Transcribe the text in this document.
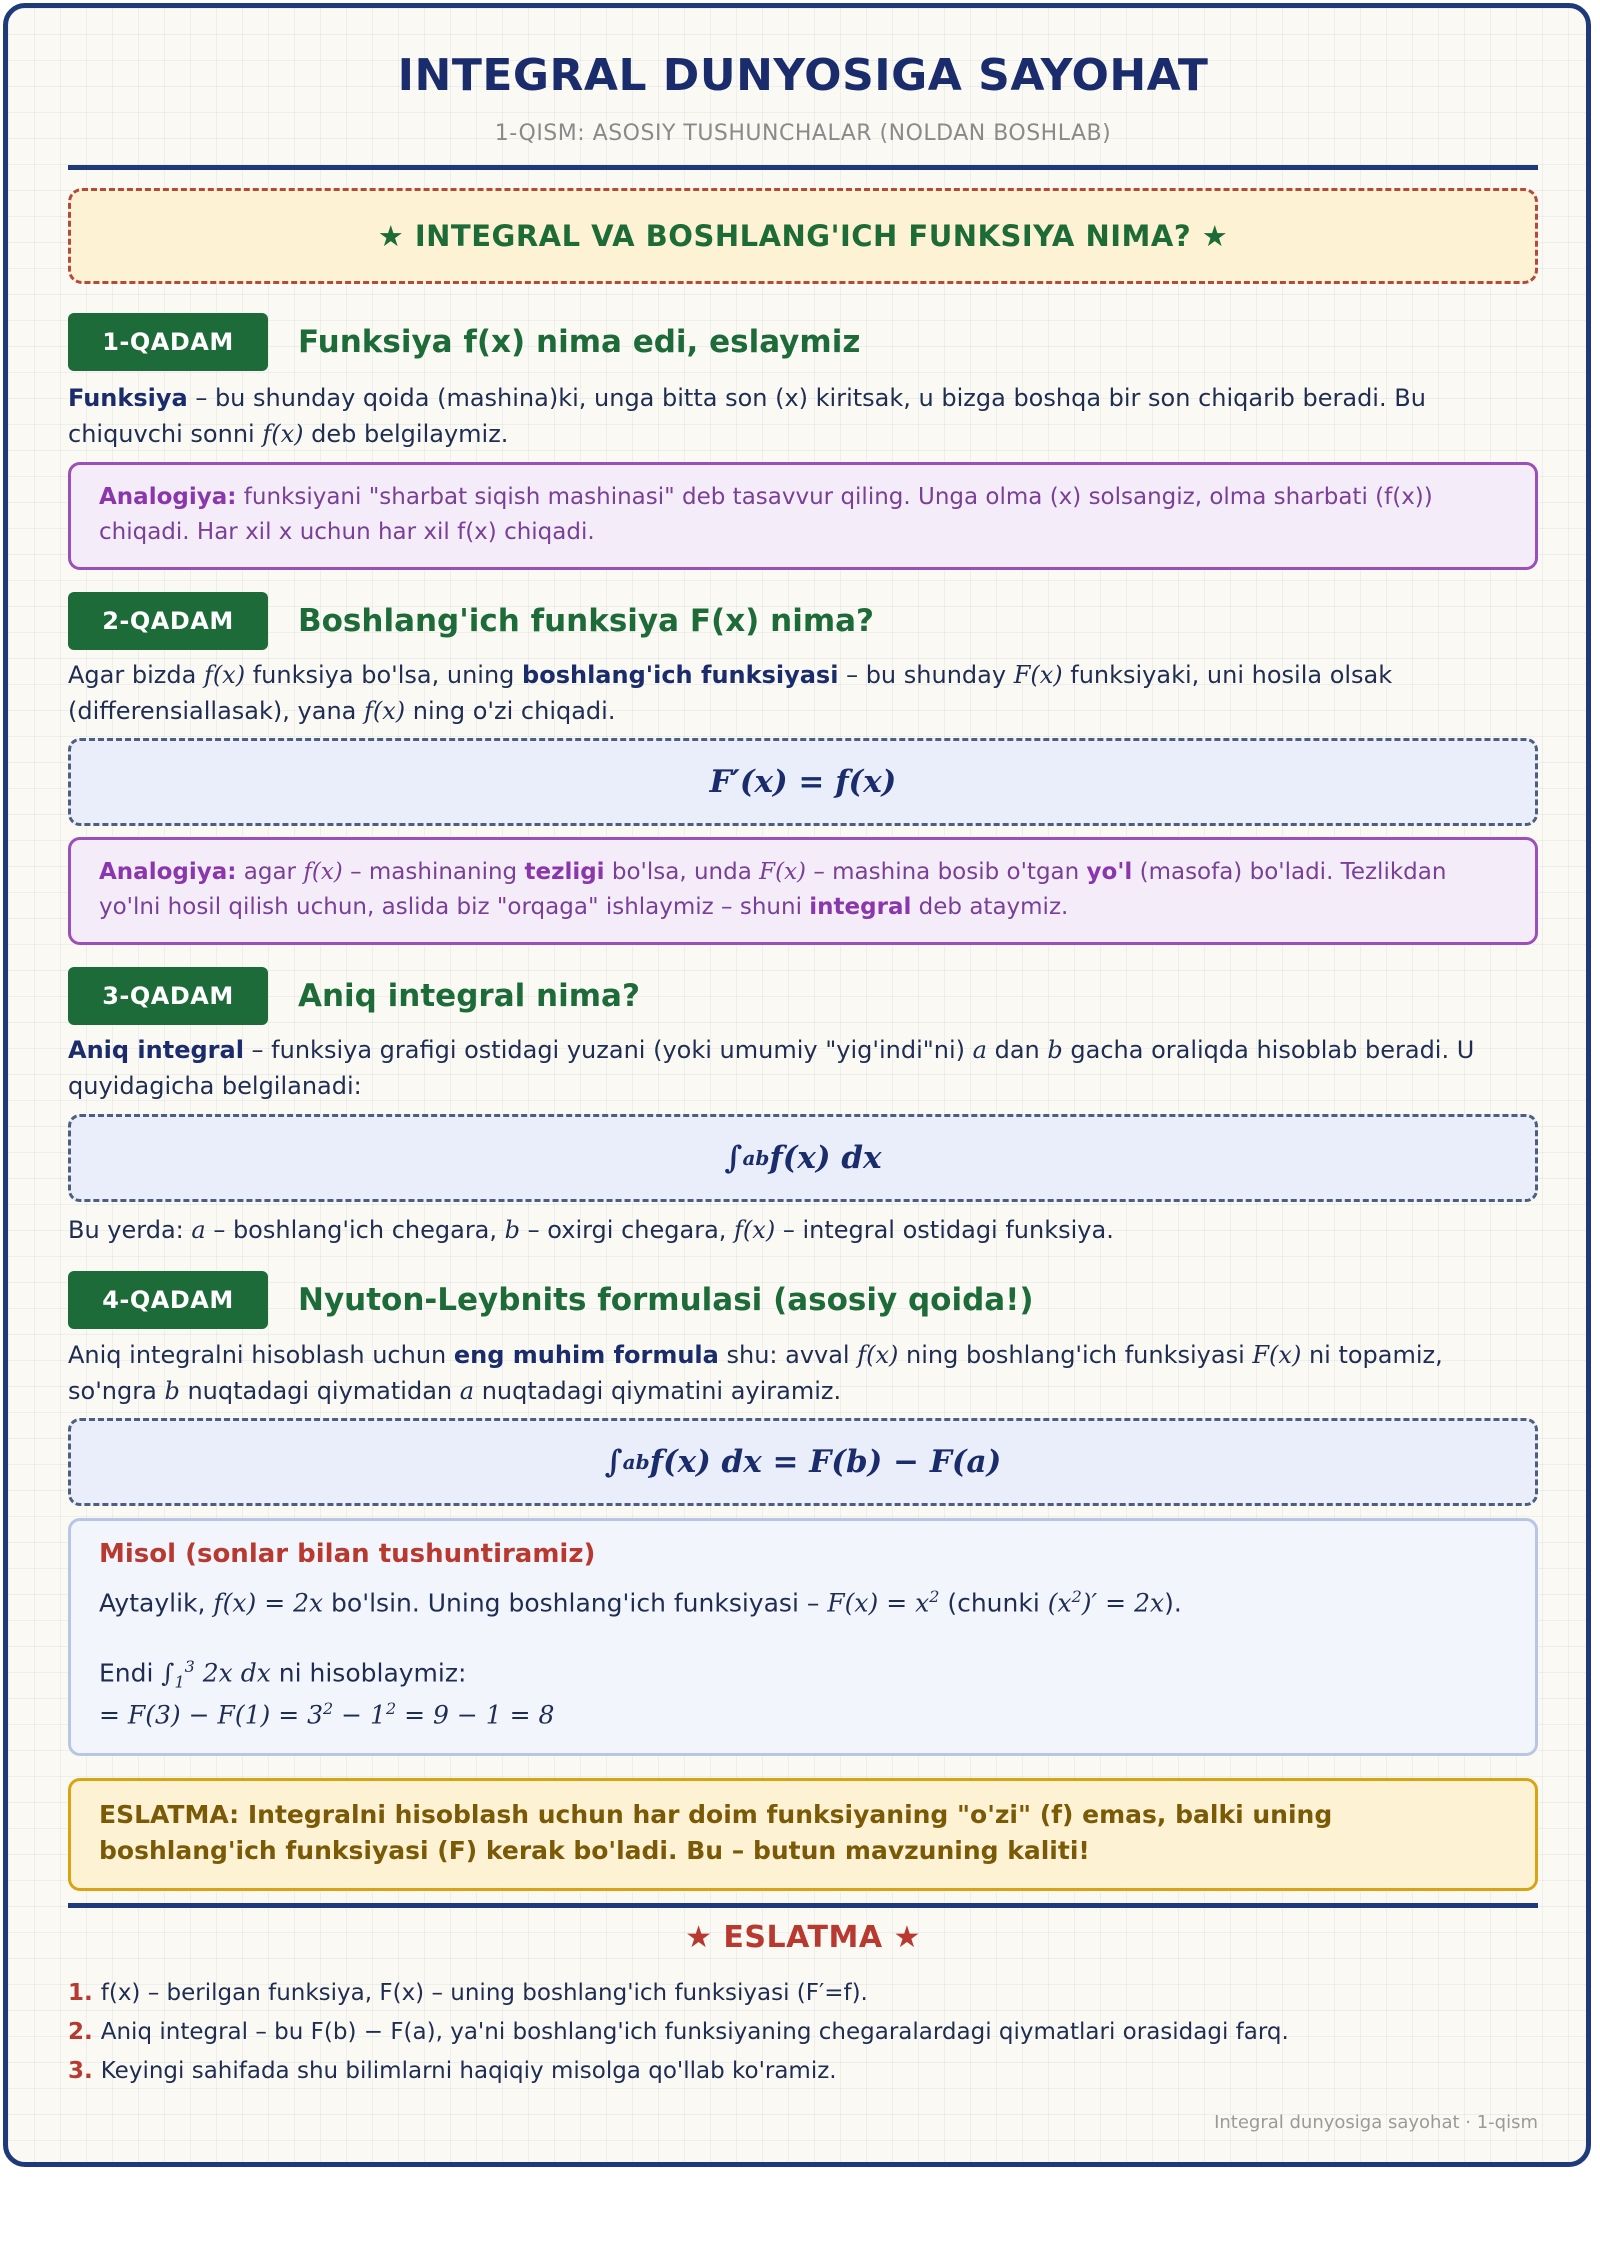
INTEGRAL DUNYOSIGA SAYOHAT
1-QISM: ASOSIY TUSHUNCHALAR (NOLDAN BOSHLAB)
★ INTEGRAL VA BOSHLANG'ICH FUNKSIYA NIMA? ★
1-QADAM	Funksiya f(x) nima edi, eslaymiz
Funksiya – bu shunday qoida (mashina)ki, unga bitta son (x) kiritsak, u bizga boshqa bir son chiqarib beradi. Bu chiquvchi sonni f(x) deb belgilaymiz.
Analogiya: funksiyani "sharbat siqish mashinasi" deb tasavvur qiling. Unga olma (x) solsangiz, olma sharbati (f(x)) chiqadi. Har xil x uchun har xil f(x) chiqadi.
2-QADAM	Boshlang'ich funksiya F(x) nima?
Agar bizda f(x) funksiya bo'lsa, uning boshlang'ich funksiyasi – bu shunday F(x) funksiyaki, uni hosila olsak (differensiallasak), yana f(x) ning o'zi chiqadi.
F′(x) = f(x)
Analogiya: agar f(x) – mashinaning tezligi bo'lsa, unda F(x) – mashina bosib o'tgan yo'l (masofa) bo'ladi. Tezlikdan yo'lni hosil qilish uchun, aslida biz "orqaga" ishlaymiz – shuni integral deb ataymiz.
3-QADAM	Aniq integral nima?
Aniq integral – funksiya grafigi ostidagi yuzani (yoki umumiy "yig'indi"ni) a dan b gacha oraliqda hisoblab beradi. U quyidagicha belgilanadi:
∫ a b f(x) dx
Bu yerda: a – boshlang'ich chegara, b – oxirgi chegara, f(x) – integral ostidagi funksiya.
4-QADAM	Nyuton-Leybnits formulasi (asosiy qoida!)
Aniq integralni hisoblash uchun eng muhim formula shu: avval f(x) ning boshlang'ich funksiyasi F(x) ni topamiz, so'ngra b nuqtadagi qiymatidan a nuqtadagi qiymatini ayiramiz.
∫ a b f(x) dx = F(b) − F(a)
Misol (sonlar bilan tushuntiramiz)
Aytaylik, f(x) = 2x bo'lsin. Uning boshlang'ich funksiyasi – $F(x) = x^2$ (chunki $(x^2)' = 2x$).
Endi $\int_1^3$ 2x dx ni hisoblaymiz:
= $F(3) - F(1) = 3^2 - 1^2 = 9 - 1 = 8$
ESLATMA: Integralni hisoblash uchun har doim funksiyaning "o'zi" (f) emas, balki uning boshlang'ich funksiyasi (F) kerak bo'ladi. Bu – butun mavzuning kaliti!
★ ESLATMA ★
1. f(x) – berilgan funksiya, F(x) – uning boshlang'ich funksiyasi (F′=f).
2. Aniq integral – bu F(b) − F(a), ya'ni boshlang'ich funksiyaning chegaralardagi qiymatlari orasidagi farq.
3. Keyingi sahifada shu bilimlarni haqiqiy misolga qo'llab ko'ramiz.
Integral dunyosiga sayohat · 1-qism
